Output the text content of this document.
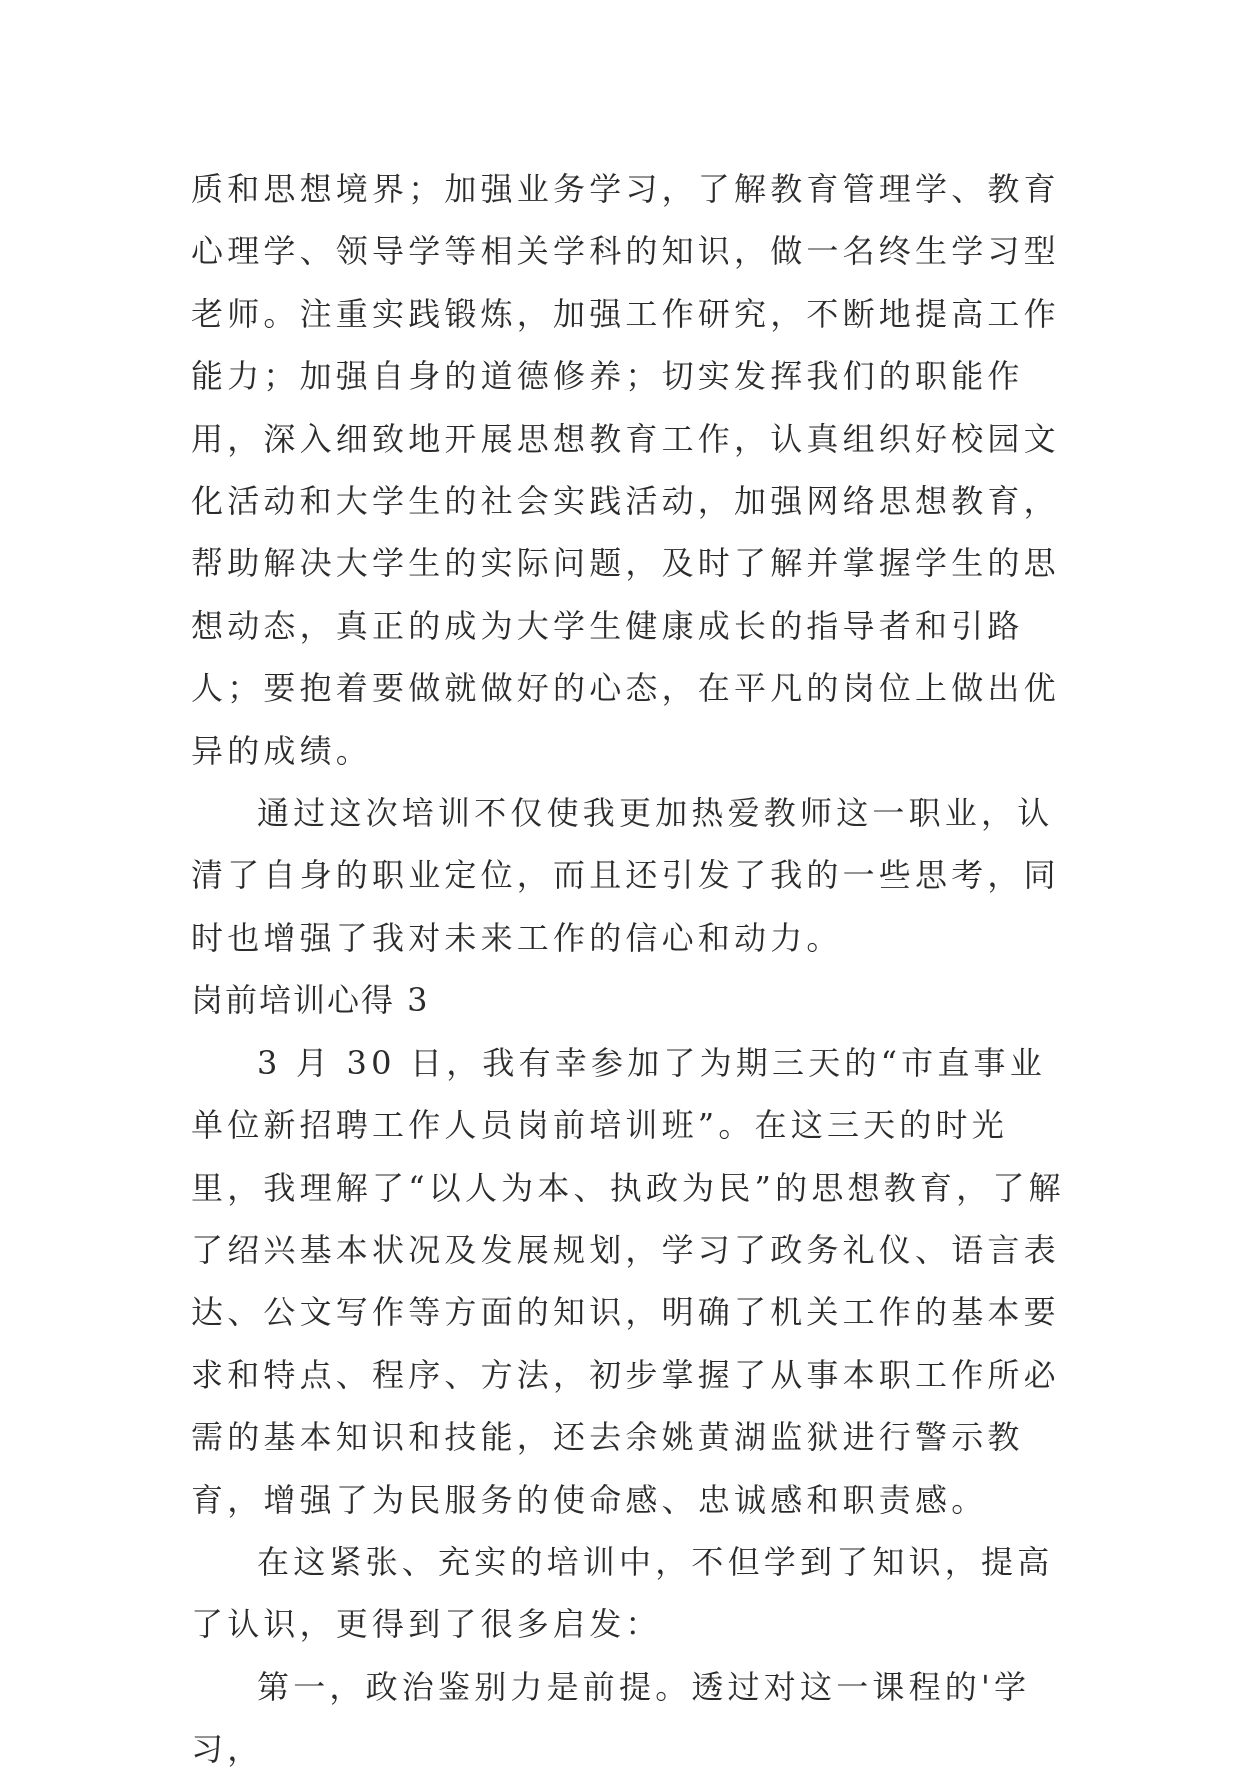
质和思想境界；加强业务学习，了解教育管理学、教育心理学、领导学等相关学科的知识，做一名终生学习型老师。注重实践锻炼，加强工作研究，不断地提高工作能力；加强自身的道德修养；切实发挥我们的职能作用，深入细致地开展思想教育工作，认真组织好校园文化活动和大学生的社会实践活动，加强网络思想教育，帮助解决大学生的实际问题，及时了解并掌握学生的思想动态，真正的成为大学生健康成长的指导者和引路人；要抱着要做就做好的心态，在平凡的岗位上做出优异的成绩。

通过这次培训不仅使我更加热爱教师这一职业，认清了自身的职业定位，而且还引发了我的一些思考，同时也增强了我对未来工作的信心和动力。

岗前培训心得 3

3 月 30 日，我有幸参加了为期三天的“市直事业单位新招聘工作人员岗前培训班”。在这三天的时光里，我理解了“以人为本、执政为民”的思想教育，了解了绍兴基本状况及发展规划，学习了政务礼仪、语言表达、公文写作等方面的知识，明确了机关工作的基本要求和特点、程序、方法，初步掌握了从事本职工作所必需的基本知识和技能，还去余姚黄湖监狱进行警示教育，增强了为民服务的使命感、忠诚感和职责感。

在这紧张、充实的培训中，不但学到了知识，提高了认识，更得到了很多启发：

第一，政治鉴别力是前提。透过对这一课程的'学习，
